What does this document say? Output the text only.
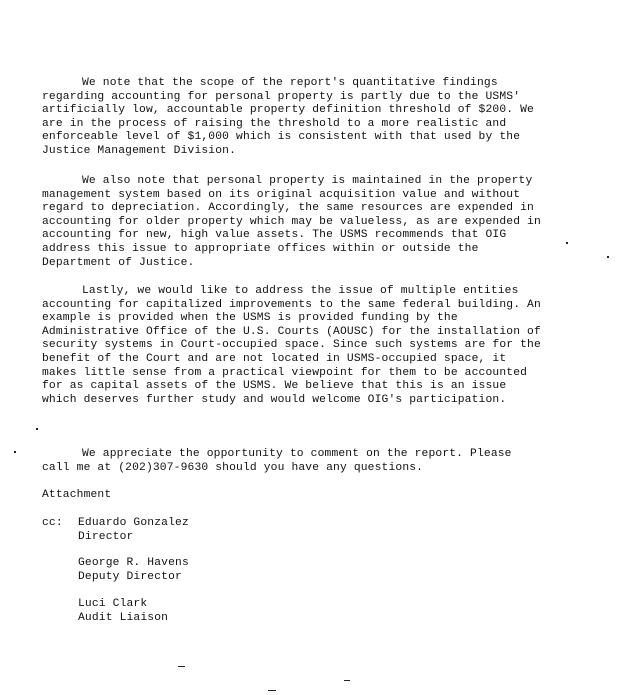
We note that the scope of the report's quantitative findings regarding accounting for personal property is partly due to the USMS' artificially low, accountable property definition threshold of $200. We are in the process of raising the threshold to a more realistic and enforceable level of $1,000 which is consistent with that used by the Justice Management Division.

We also note that personal property is maintained in the property management system based on its original acquisition value and without regard to depreciation. Accordingly, the same resources are expended in accounting for older property which may be valueless, as are expended in accounting for new, high value assets. The USMS recommends that OIG address this issue to appropriate offices within or outside the Department of Justice.

Lastly, we would like to address the issue of multiple entities accounting for capitalized improvements to the same federal building. An example is provided when the USMS is provided funding by the Administrative Office of the U.S. Courts (AOUSC) for the installation of security systems in Court-occupied space. Since such systems are for the benefit of the Court and are not located in USMS-occupied space, it makes little sense from a practical viewpoint for them to be accounted for as capital assets of the USMS. We believe that this is an issue which deserves further study and would welcome OIG's participation.

We appreciate the opportunity to comment on the report. Please call me at (202)307-9630 should you have any questions.

Attachment
cc: Eduardo Gonzalez
Director
George R. Havens
Deputy Director
Luci Clark
Audit Liaison
